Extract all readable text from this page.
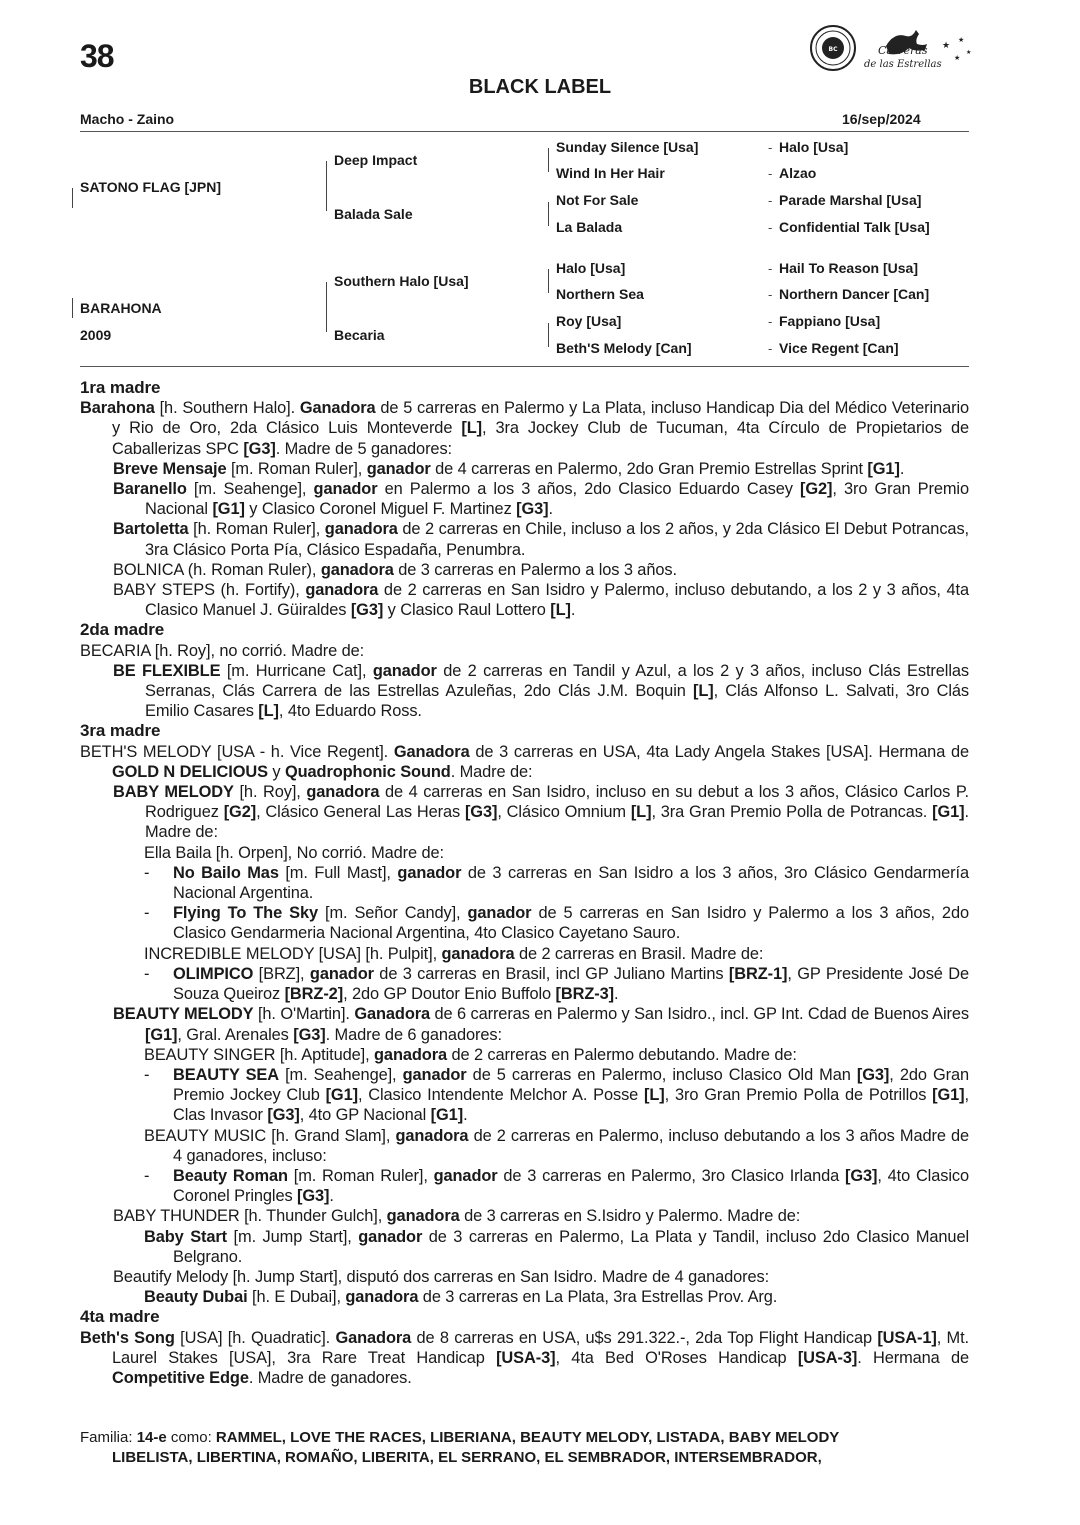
38
BLACK LABEL
BC	Carreras
de las Estrellas
★
★
★
★
Macho - Zaino	16/sep/2024
SATONO FLAG [JPN]
BARAHONA
2009
Deep Impact
Balada Sale
Southern Halo [Usa]
Becaria
Sunday Silence [Usa]
Wind In Her Hair
Not For Sale
La Balada
Halo [Usa]
Northern Sea
Roy [Usa]
Beth'S Melody [Can]
-
-
-
-
-
-
-
-
Halo [Usa]
Alzao
Parade Marshal [Usa]
Confidential Talk [Usa]
Hail To Reason [Usa]
Northern Dancer [Can]
Fappiano [Usa]
Vice Regent [Can]

1ra madre

Barahona [h. Southern Halo]. Ganadora de 5 carreras en Palermo y La Plata, incluso Handicap Dia del Médico Veterinario y Rio de Oro, 2da Clásico Luis Monteverde [L], 3ra Jockey Club de Tucuman, 4ta Círculo de Propietarios de Caballerizas SPC [G3]. Madre de 5 ganadores:

Breve Mensaje [m. Roman Ruler], ganador de 4 carreras en Palermo, 2do Gran Premio Estrellas Sprint [G1].

Baranello [m. Seahenge], ganador en Palermo a los 3 años, 2do Clasico Eduardo Casey [G2], 3ro Gran Premio Nacional [G1] y Clasico Coronel Miguel F. Martinez [G3].

Bartoletta [h. Roman Ruler], ganadora de 2 carreras en Chile, incluso a los 2 años, y 2da Clásico El Debut Potrancas, 3ra Clásico Porta Pía, Clásico Espadaña, Penumbra.

BOLNICA (h. Roman Ruler), ganadora de 3 carreras en Palermo a los 3 años.

BABY STEPS (h. Fortify), ganadora de 2 carreras en San Isidro y Palermo, incluso debutando, a los 2 y 3 años, 4ta Clasico Manuel J. Güiraldes [G3] y Clasico Raul Lottero [L].

2da madre

BECARIA [h. Roy], no corrió. Madre de:

BE FLEXIBLE [m. Hurricane Cat], ganador de 2 carreras en Tandil y Azul, a los 2 y 3 años, incluso Clás Estrellas Serranas, Clás Carrera de las Estrellas Azuleñas, 2do Clás J.M. Boquin [L], Clás Alfonso L. Salvati, 3ro Clás Emilio Casares [L], 4to Eduardo Ross.

3ra madre

BETH'S MELODY [USA - h. Vice Regent]. Ganadora de 3 carreras en USA, 4ta Lady Angela Stakes [USA]. Hermana de GOLD N DELICIOUS y Quadrophonic Sound. Madre de:

BABY MELODY [h. Roy], ganadora de 4 carreras en San Isidro, incluso en su debut a los 3 años, Clásico Carlos P. Rodriguez [G2], Clásico General Las Heras [G3], Clásico Omnium [L], 3ra Gran Premio Polla de Potrancas. [G1]. Madre de:

Ella Baila [h. Orpen], No corrió. Madre de:

- No Bailo Mas [m. Full Mast], ganador de 3 carreras en San Isidro a los 3 años, 3ro Clásico Gendarmería Nacional Argentina.

- Flying To The Sky [m. Señor Candy], ganador de 5 carreras en San Isidro y Palermo a los 3 años, 2do Clasico Gendarmeria Nacional Argentina, 4to Clasico Cayetano Sauro.

INCREDIBLE MELODY [USA] [h. Pulpit], ganadora de 2 carreras en Brasil. Madre de:

- OLIMPICO [BRZ], ganador de 3 carreras en Brasil, incl GP Juliano Martins [BRZ-1], GP Presidente José De Souza Queiroz [BRZ-2], 2do GP Doutor Enio Buffolo [BRZ-3].

BEAUTY MELODY [h. O'Martin]. Ganadora de 6 carreras en Palermo y San Isidro., incl. GP Int. Cdad de Buenos Aires [G1], Gral. Arenales [G3]. Madre de 6 ganadores:

BEAUTY SINGER [h. Aptitude], ganadora de 2 carreras en Palermo debutando. Madre de:

- BEAUTY SEA [m. Seahenge], ganador de 5 carreras en Palermo, incluso Clasico Old Man [G3], 2do Gran Premio Jockey Club [G1], Clasico Intendente Melchor A. Posse [L], 3ro Gran Premio Polla de Potrillos [G1], Clas Invasor [G3], 4to GP Nacional [G1].

BEAUTY MUSIC [h. Grand Slam], ganadora de 2 carreras en Palermo, incluso debutando a los 3 años Madre de 4 ganadores, incluso:

- Beauty Roman [m. Roman Ruler], ganador de 3 carreras en Palermo, 3ro Clasico Irlanda [G3], 4to Clasico Coronel Pringles [G3].

BABY THUNDER [h. Thunder Gulch], ganadora de 3 carreras en S.Isidro y Palermo. Madre de:

Baby Start [m. Jump Start], ganador de 3 carreras en Palermo, La Plata y Tandil, incluso 2do Clasico Manuel Belgrano.

Beautify Melody [h. Jump Start], disputó dos carreras en San Isidro. Madre de 4 ganadores:

Beauty Dubai [h. E Dubai], ganadora de 3 carreras en La Plata, 3ra Estrellas Prov. Arg.

4ta madre

Beth's Song [USA] [h. Quadratic]. Ganadora de 8 carreras en USA, u$s 291.322.-, 2da Top Flight Handicap [USA-1], Mt. Laurel Stakes [USA], 3ra Rare Treat Handicap [USA-3], 4ta Bed O'Roses Handicap [USA-3]. Hermana de Competitive Edge. Madre de ganadores.

Familia: 14-e como: RAMMEL, LOVE THE RACES, LIBERIANA, BEAUTY MELODY, LISTADA, BABY MELODY

LIBELISTA, LIBERTINA, ROMAÑO, LIBERITA, EL SERRANO, EL SEMBRADOR, INTERSEMBRADOR,
